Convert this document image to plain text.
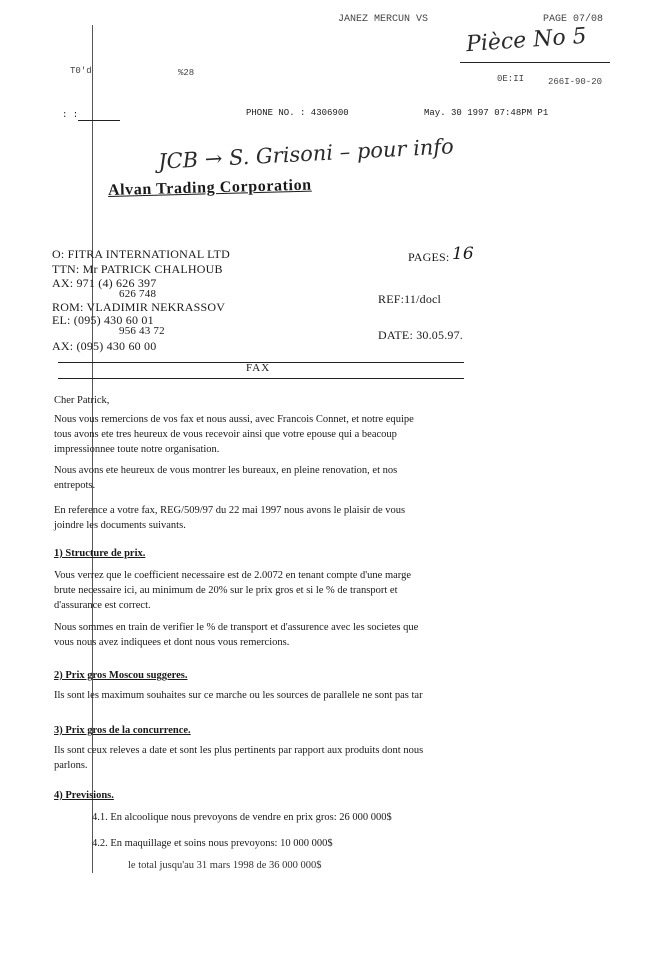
JANEZ MERCUN VS	PAGE 07/08
T0'd	%28
0E:II	266I-90-20
: :	PHONE NO. : 4306900	May. 30 1997 07:48PM P1
Pièce No 5
JCB → S. Grisoni – pour info
Alvan Trading Corporation
O: FITRA INTERNATIONAL LTD
TTN: Mr PATRICK CHALHOUB
AX: 971 (4) 626 397
626 748
ROM: VLADIMIR NEKRASSOV
EL: (095) 430 60 01
956 43 72
AX: (095) 430 60 00
PAGES: 16
REF:11/docl
DATE: 30.05.97.
FAX
Cher Patrick,
Nous vous remercions de vos fax et nous aussi, avec Francois Connet, et notre equipe
tous avons ete tres heureux de vous recevoir ainsi que votre epouse qui a beacoup
impressionnee toute notre organisation.
Nous avons ete heureux de vous montrer les bureaux, en pleine renovation, et nos
entrepots.
En reference a votre fax, REG/509/97 du 22 mai 1997 nous avons le plaisir de vous
joindre les documents suivants.
1) Structure de prix.
Vous verrez que le coefficient necessaire est de 2.0072 en tenant compte d'une marge
brute necessaire ici, au minimum de 20% sur le prix gros et si le % de transport et
d'assurance est correct.
Nous sommes en train de verifier le % de transport et d'assurence avec les societes que
vous nous avez indiquees et dont nous vous remercions.
2) Prix gros Moscou suggeres.
Ils sont les maximum souhaites sur ce marche ou les sources de parallele ne sont pas tar
3) Prix gros de la concurrence.
Ils sont ceux releves a date et sont les plus pertinents par rapport aux produits dont nous
parlons.
4) Previsions.
4.1. En alcoolique nous prevoyons de vendre en prix gros: 26 000 000$
4.2. En maquillage et soins nous prevoyons: 10 000 000$
le total jusqu'au 31 mars 1998 de 36 000 000$
